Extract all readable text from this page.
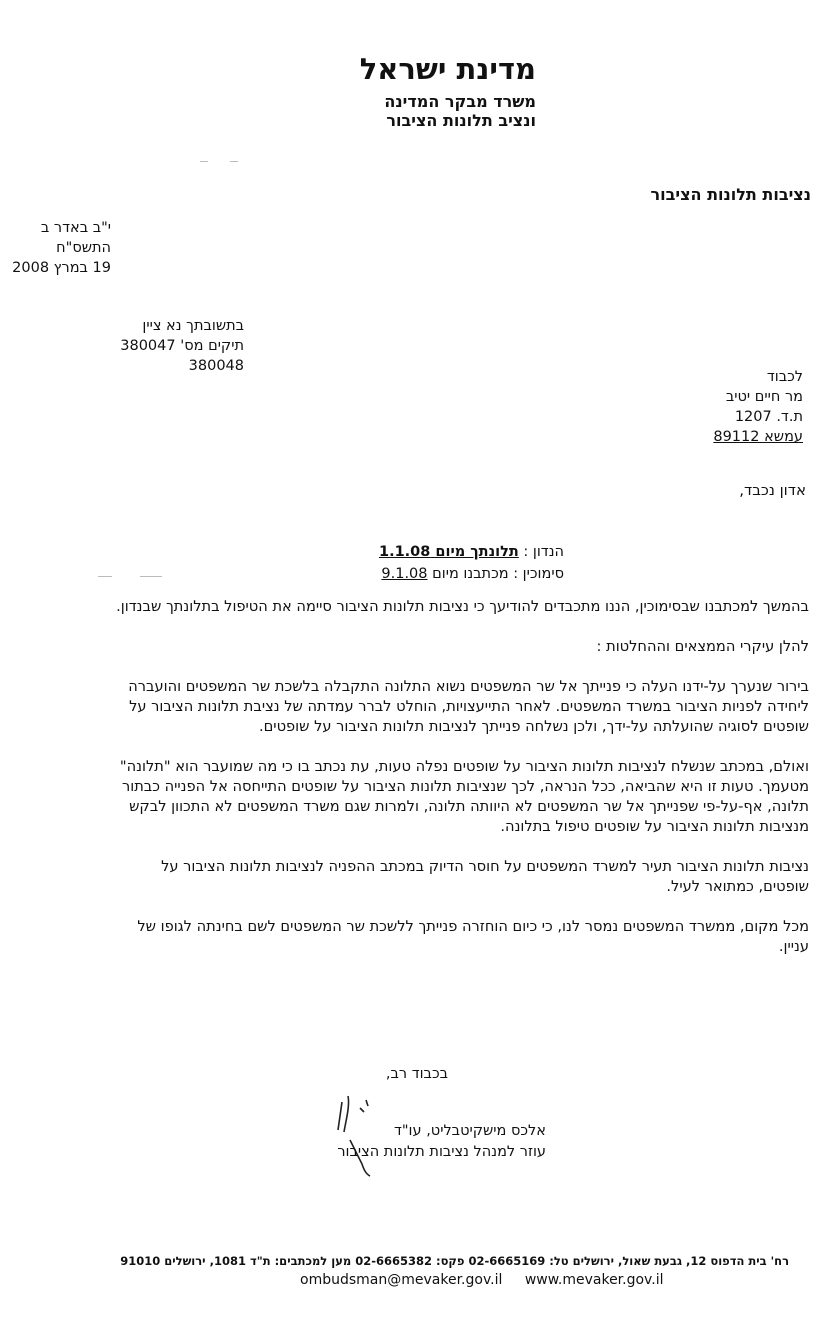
מדינת ישראל
משרד מבקר המדינה
ונציב תלונות הציבור
נציבות תלונות הציבור
י"ב באדר ב התשס"ח
19 במרץ 2008
בתשובתך נא ציין
תיקים מס' 380047
380048
לכבוד
מר חיים יטיב
ת.ד. 1207
עמשא 89112
אדון נכבד,
הנדון : תלונתך מיום 1.1.08
סימוכין : מכתבנו מיום 9.1.08

בהמשך למכתבנו שבסימוכין, הננו מתכבדים להודיעך כי נציבות תלונות הציבור סיימה את הטיפול בתלונתך שבנדון.

להלן עיקרי הממצאים וההחלטות :

בירור שנערך על-ידנו העלה כי פנייתך אל שר המשפטים נשוא התלונה התקבלה בלשכת שר המשפטים והועברה ליחידה לפניות הציבור במשרד המשפטים. לאחר התייעצויות, הוחלט לברר עמדתה של נציבת תלונות הציבור על שופטים לסוגיה שהועלתה על-ידך, ולכן נשלחה פנייתך לנציבות תלונות הציבור על שופטים.

ואולם, במכתב שנשלח לנציבות תלונות הציבור על שופטים נפלה טעות, עת נכתב בו כי מה שמועבר הוא "תלונה" מטעמך. טעות זו היא שהביאה, ככל הנראה, לכך שנציבות תלונות הציבור על שופטים התייחסה אל הפנייה כבתור תלונה, אף-על-פי שפנייתך אל שר המשפטים לא היוותה תלונה, ולמרות שגם משרד המשפטים לא התכוון לבקש מנציבות תלונות הציבור על שופטים טיפול בתלונה.

נציבות תלונות הציבור תעיר למשרד המשפטים על חוסר הדיוק במכתב ההפניה לנציבות תלונות הציבור על שופטים, כמתואר לעיל.

מכל מקום, ממשרד המשפטים נמסר לנו, כי כיום הוחזרה פנייתך ללשכת שר המשפטים לשם בחינתה לגופו של עניין.

בכבוד רב,
אלכס מישקיטבליט, עו"ד
עוזר למנהל נציבות תלונות הציבור
רח' בית הדפוס 12, גבעת שאול, ירושלים טל: 02-6665169 פקס: 02-6665382 מען למכתבים: ת"ד 1081, ירושלים 91010
ombudsman@mevaker.gov.il www.mevaker.gov.il
